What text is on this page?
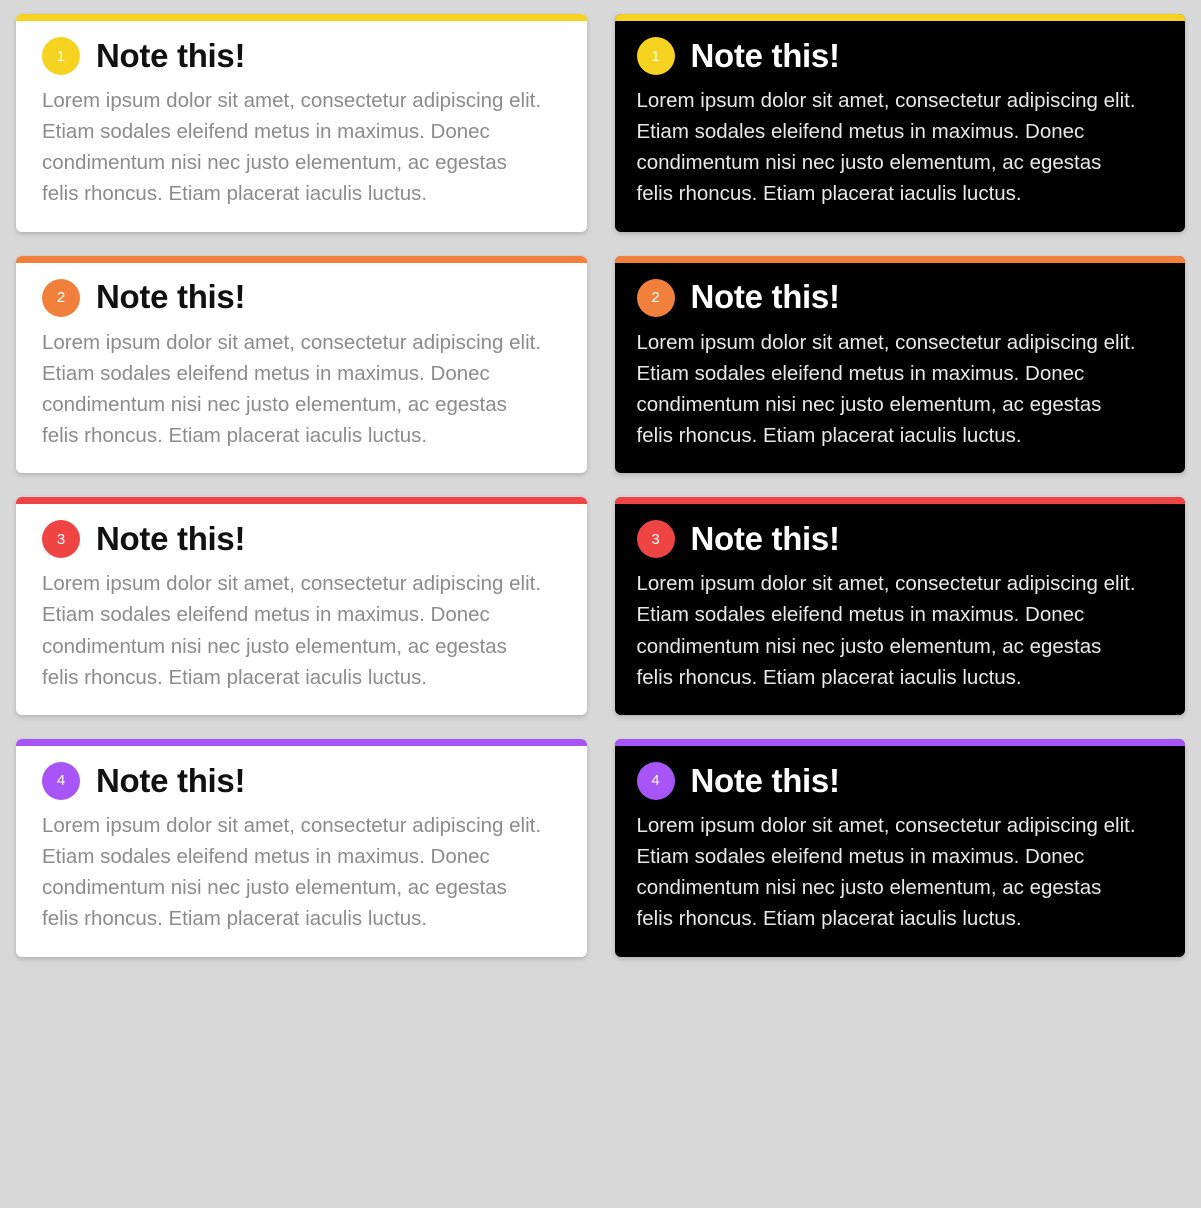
1 Note this!
Lorem ipsum dolor sit amet, consectetur adipiscing elit. Etiam sodales eleifend metus in maximus. Donec condimentum nisi nec justo elementum, ac egestas felis rhoncus. Etiam placerat iaculis luctus.
1 Note this!
Lorem ipsum dolor sit amet, consectetur adipiscing elit. Etiam sodales eleifend metus in maximus. Donec condimentum nisi nec justo elementum, ac egestas felis rhoncus. Etiam placerat iaculis luctus.
2 Note this!
Lorem ipsum dolor sit amet, consectetur adipiscing elit. Etiam sodales eleifend metus in maximus. Donec condimentum nisi nec justo elementum, ac egestas felis rhoncus. Etiam placerat iaculis luctus.
2 Note this!
Lorem ipsum dolor sit amet, consectetur adipiscing elit. Etiam sodales eleifend metus in maximus. Donec condimentum nisi nec justo elementum, ac egestas felis rhoncus. Etiam placerat iaculis luctus.
3 Note this!
Lorem ipsum dolor sit amet, consectetur adipiscing elit. Etiam sodales eleifend metus in maximus. Donec condimentum nisi nec justo elementum, ac egestas felis rhoncus. Etiam placerat iaculis luctus.
3 Note this!
Lorem ipsum dolor sit amet, consectetur adipiscing elit. Etiam sodales eleifend metus in maximus. Donec condimentum nisi nec justo elementum, ac egestas felis rhoncus. Etiam placerat iaculis luctus.
4 Note this!
Lorem ipsum dolor sit amet, consectetur adipiscing elit. Etiam sodales eleifend metus in maximus. Donec condimentum nisi nec justo elementum, ac egestas felis rhoncus. Etiam placerat iaculis luctus.
4 Note this!
Lorem ipsum dolor sit amet, consectetur adipiscing elit. Etiam sodales eleifend metus in maximus. Donec condimentum nisi nec justo elementum, ac egestas felis rhoncus. Etiam placerat iaculis luctus.
